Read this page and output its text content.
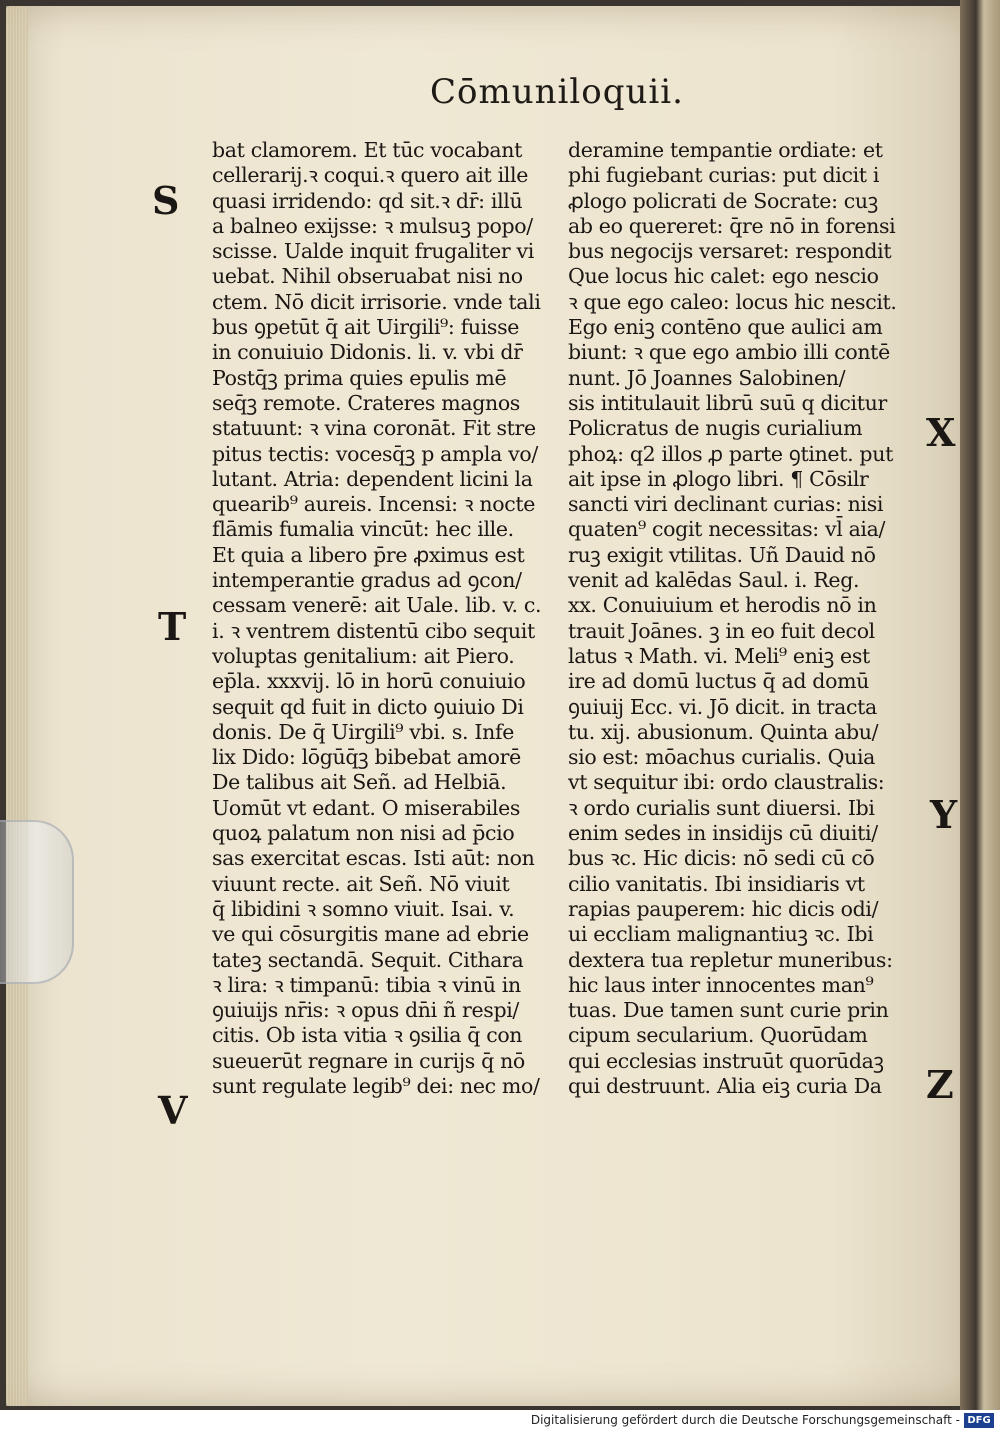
Cōmuniloquii.
bat clamorem. Et tūc vocabant
cellerarij.ꝛ coqui.ꝛ quero ait ille
quasi irridendo: qd sit.ꝛ dr̄: illū
a balneo exijsse: ꝛ mulsuꝫ popo/
scisse. Ualde inquit frugaliter vi
uebat. Nihil obseruabat nisi no
ctem. Nō dicit irrisorie. vnde tali
bus ꝯpetūt q̄ ait Uirgili⁹: fuisse
in conuiuio Didonis. li. v. vbi dr̄
Postq̄ꝫ prima quies epulis mē
seq̄ꝫ remote. Crateres magnos
statuunt: ꝛ vina coronāt. Fit stre
pitus tectis: vocesq̄ꝫ p ampla vo/
lutant. Atria: dependent licini la
quearib⁹ aureis. Incensi: ꝛ nocte
flāmis fumalia vincūt: hec ille.
Et quia a libero p̄re ꝓximus est
intemperantie gradus ad ꝯcon/
cessam venerē: ait Uale. lib. v. c.
i. ꝛ ventrem distentū cibo sequit
voluptas genitalium: ait Piero.
ep̄la. xxxvij. lō in horū conuiuio
sequit qd fuit in dicto ꝯuiuio Di
donis. De q̄ Uirgili⁹ vbi. s. Infe
lix Dido: lōgūq̄ꝫ bibebat amorē
De talibus ait Señ. ad Helbiā.
Uomūt vt edant. O miserabiles
quoꝝ palatum non nisi ad p̄cio
sas exercitat escas. Isti aūt: non
viuunt recte. ait Señ. Nō viuit
q̄ libidini ꝛ somno viuit. Isai. v.
ve qui cōsurgitis mane ad ebrie
tateꝫ sectandā. Sequit. Cithara
ꝛ lira: ꝛ timpanū: tibia ꝛ vinū in
ꝯuiuijs nr̄is: ꝛ opus dn̄i ñ respi/
citis. Ob ista vitia ꝛ ꝯsilia q̄ con
sueuerūt regnare in curijs q̄ nō
sunt regulate legib⁹ dei: nec mo/
deramine tempantie ordiate: et
phi fugiebant curias: put dicit i
ꝓlogo policrati de Socrate: cuꝫ
ab eo quereret: q̄re nō in forensi
bus negocijs versaret: respondit
Que locus hic calet: ego nescio
ꝛ que ego caleo: locus hic nescit.
Ego eniꝫ contēno que aulici am
biunt: ꝛ que ego ambio illi contē
nunt. Jō Joannes Salobinen/
sis intitulauit librū suū q dicitur
Policratus de nugis curialium
phoꝝ: q2 illos ꝓ parte ꝯtinet. put
ait ipse in ꝓlogo libri. ¶ Cōsilr
sancti viri declinant curias: nisi
quaten⁹ cogit necessitas: vl̄ aia/
ruꝫ exigit vtilitas. Uñ Dauid nō
venit ad kalēdas Saul. i. Reg.
xx. Conuiuium et herodis nō in
trauit Joānes. ꝫ in eo fuit decol
latus ꝛ Math. vi. Meli⁹ eniꝫ est
ire ad domū luctus q̄ ad domū
ꝯuiuij Ecc. vi. Jō dicit. in tracta
tu. xij. abusionum. Quinta abu/
sio est: mōachus curialis. Quia
vt sequitur ibi: ordo claustralis:
ꝛ ordo curialis sunt diuersi. Ibi
enim sedes in insidijs cū diuiti/
bus ꝛc. Hic dicis: nō sedi cū cō
cilio vanitatis. Ibi insidiaris vt
rapias pauperem: hic dicis odi/
ui eccliam malignantiuꝫ ꝛc. Ibi
dextera tua repletur muneribus:
hic laus inter innocentes man⁹
tuas. Due tamen sunt curie prin
cipum secularium. Quorūdam
qui ecclesias instruūt quorūdaꝫ
qui destruunt. Alia eiꝫ curia Da
S
T
V
X
Y
Z
Digitalisierung gefördert durch die Deutsche Forschungsgemeinschaft - DFG
